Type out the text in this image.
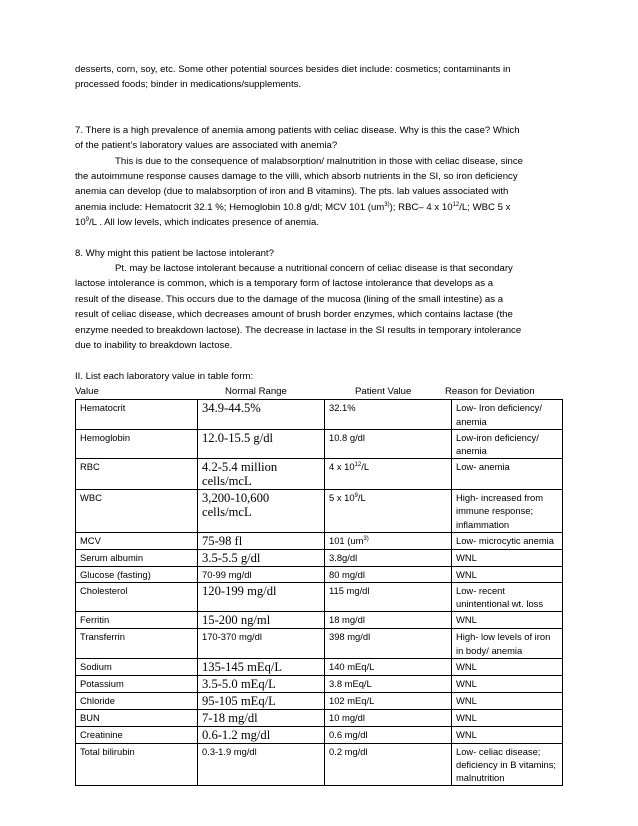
desserts, corn, soy, etc. Some other potential sources besides diet include: cosmetics; contaminants in

processed foods; binder in medications/supplements.

7. There is a high prevalence of anemia among patients with celiac disease. Why is this the case? Which

of the patient’s laboratory values are associated with anemia?

This is due to the consequence of malabsorption/ malnutrition in those with celiac disease, since

the autoimmune response causes damage to the villi, which absorb nutrients in the SI, so iron deficiency

anemia can develop (due to malabsorption of iron and B vitamins). The pts. lab values associated with

anemia include: Hematocrit 32.1 %; Hemoglobin 10.8 g/dl; MCV 101 $(um^{3)})$; RBC– 4 x $10^{12}/L$; WBC 5 x

$10^9/L$ . All low levels, which indicates presence of anemia.

8. Why might this patient be lactose intolerant?

Pt. may be lactose intolerant because a nutritional concern of celiac disease is that secondary

lactose intolerance is common, which is a temporary form of lactose intolerance that develops as a

result of the disease. This occurs due to the damage of the mucosa (lining of the small intestine) as a

result of celiac disease, which decreases amount of brush border enzymes, which contains lactase (the

enzyme needed to breakdown lactose). The decrease in lactase in the SI results in temporary intolerance

due to inability to breakdown lactose.

II. List each laboratory value in table form:

Value	Normal Range	Patient Value	Reason for Deviation
Hematocrit	34.9-44.5%	32.1%	Low- Iron deficiency/ anemia
Hemoglobin	12.0-15.5 g/dl	10.8 g/dl	Low-iron deficiency/ anemia
RBC	4.2-5.4 million cells/mcL	4 x $10^{12}/L$	Low- anemia
WBC	3,200-10,600 cells/mcL	5 x $10^9/L$	High- increased from immune response; inflammation
MCV	75-98 fl	101 ($um^{3)}$	Low- microcytic anemia
Serum albumin	3.5-5.5 g/dl	3.8g/dl	WNL
Glucose (fasting)	70-99 mg/dl	80 mg/dl	WNL
Cholesterol	120-199 mg/dl	115 mg/dl	Low- recent unintentional wt. loss
Ferritin	15-200 ng/ml	18 mg/dl	WNL
Transferrin	170-370 mg/dl	398 mg/dl	High- low levels of iron in body/ anemia
Sodium	135-145 mEq/L	140 mEq/L	WNL
Potassium	3.5-5.0 mEq/L	3.8 mEq/L	WNL
Chloride	95-105 mEq/L	102 mEq/L	WNL
BUN	7-18 mg/dl	10 mg/dl	WNL
Creatinine	0.6-1.2 mg/dl	0.6 mg/dl	WNL
Total bilirubin	0.3-1.9 mg/dl	0.2 mg/dl	Low- celiac disease; deficiency in B vitamins; malnutrition
